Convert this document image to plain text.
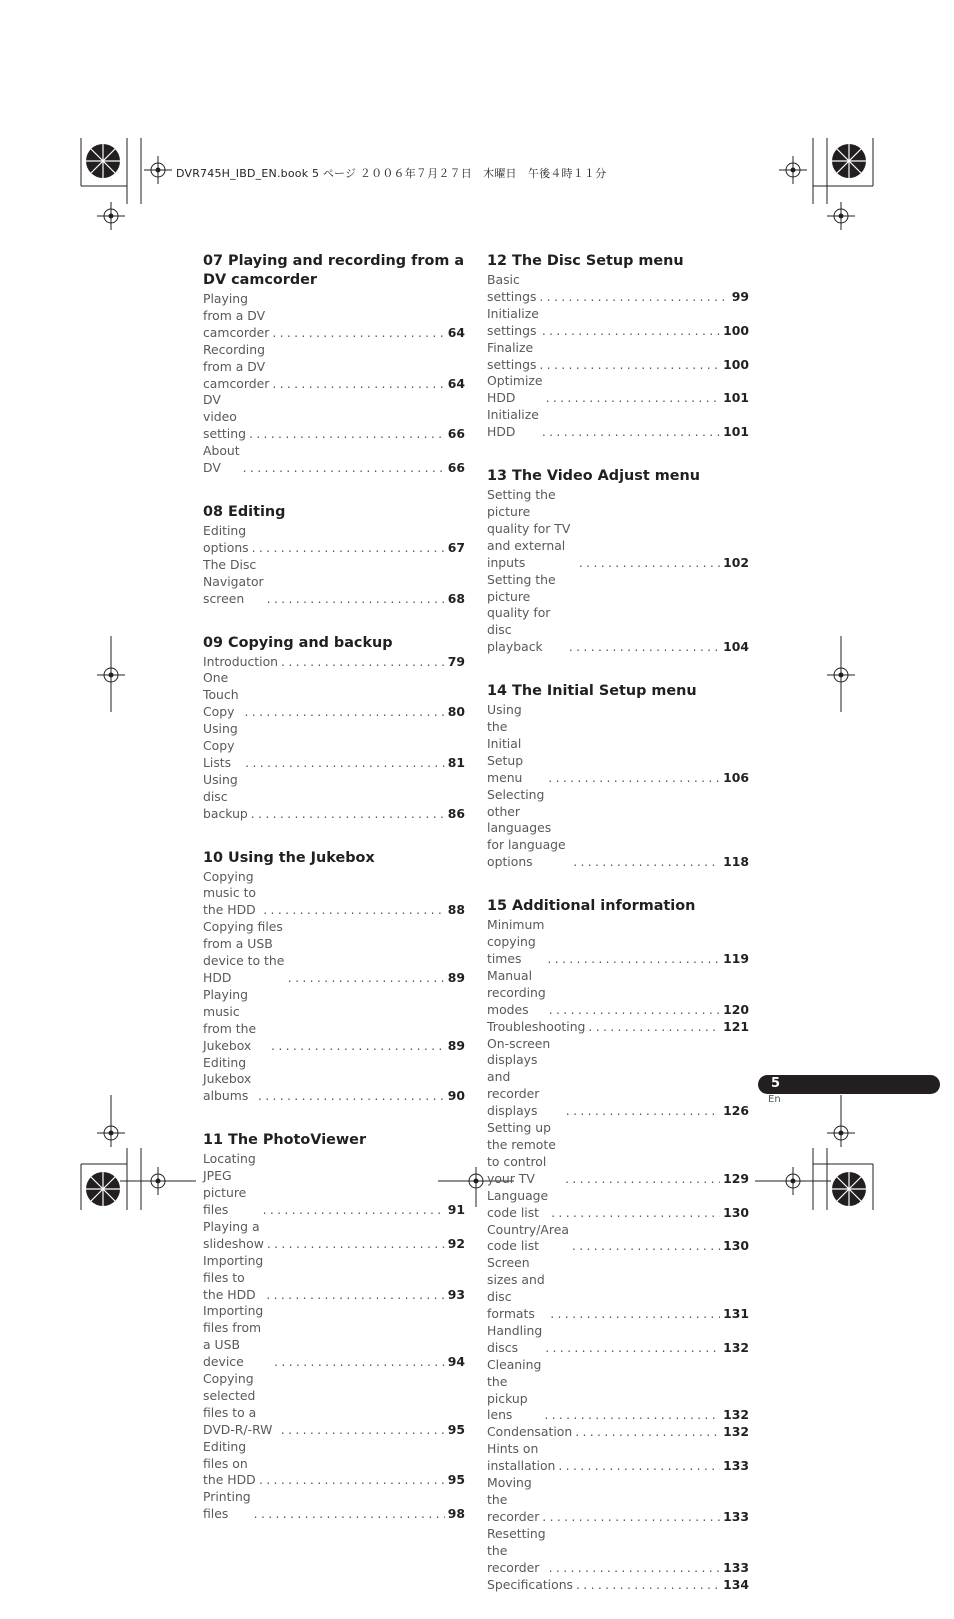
DVR745H_IBD_EN.book 5 ページ ２００６年７月２７日　木曜日　午後４時１１分
07 Playing and recording from a DV camcorder
Playing from a DV camcorder . . .	64
Recording from a DV camcorder . . .	64
DV video setting . . .	66
About DV . . .	66
08 Editing
Editing options . . .	67
The Disc Navigator screen . . .	68
09 Copying and backup
Introduction . . .	79
One Touch Copy . . .	80
Using Copy Lists . . .	81
Using disc backup . . .	86
10 Using the Jukebox
Copying music to the HDD . . .	88
Copying files from a USB device to the HDD . . .	89
Playing music from the Jukebox . . .	89
Editing Jukebox albums . . .	90
11 The PhotoViewer
Locating JPEG picture files . . .	91
Playing a slideshow . . .	92
Importing files to the HDD . . .	93
Importing files from a USB device . . .	94
Copying selected files to a DVD-R/-RW . . .	95
Editing files on the HDD . . .	95
Printing files . . .	98
12 The Disc Setup menu
Basic settings . . .	99
Initialize settings . . .	100
Finalize settings . . .	100
Optimize HDD . . .	101
Initialize HDD . . .	101
13 The Video Adjust menu
Setting the picture quality for TV and external inputs . . .	102
Setting the picture quality for disc playback . . .	104
14 The Initial Setup menu
Using the Initial Setup menu . . .	106
Selecting other languages for language options . . .	118
15 Additional information
Minimum copying times . . .	119
Manual recording modes . . .	120
Troubleshooting . . .	121
On-screen displays and recorder displays . . .	126
Setting up the remote to control your TV . . .	129
Language code list . . .	130
Country/Area code list . . .	130
Screen sizes and disc formats . . .	131
Handling discs . . .	132
Cleaning the pickup lens . . .	132
Condensation . . .	132
Hints on installation . . .	133
Moving the recorder . . .	133
Resetting the recorder . . .	133
Specifications . . .	134
5
En
